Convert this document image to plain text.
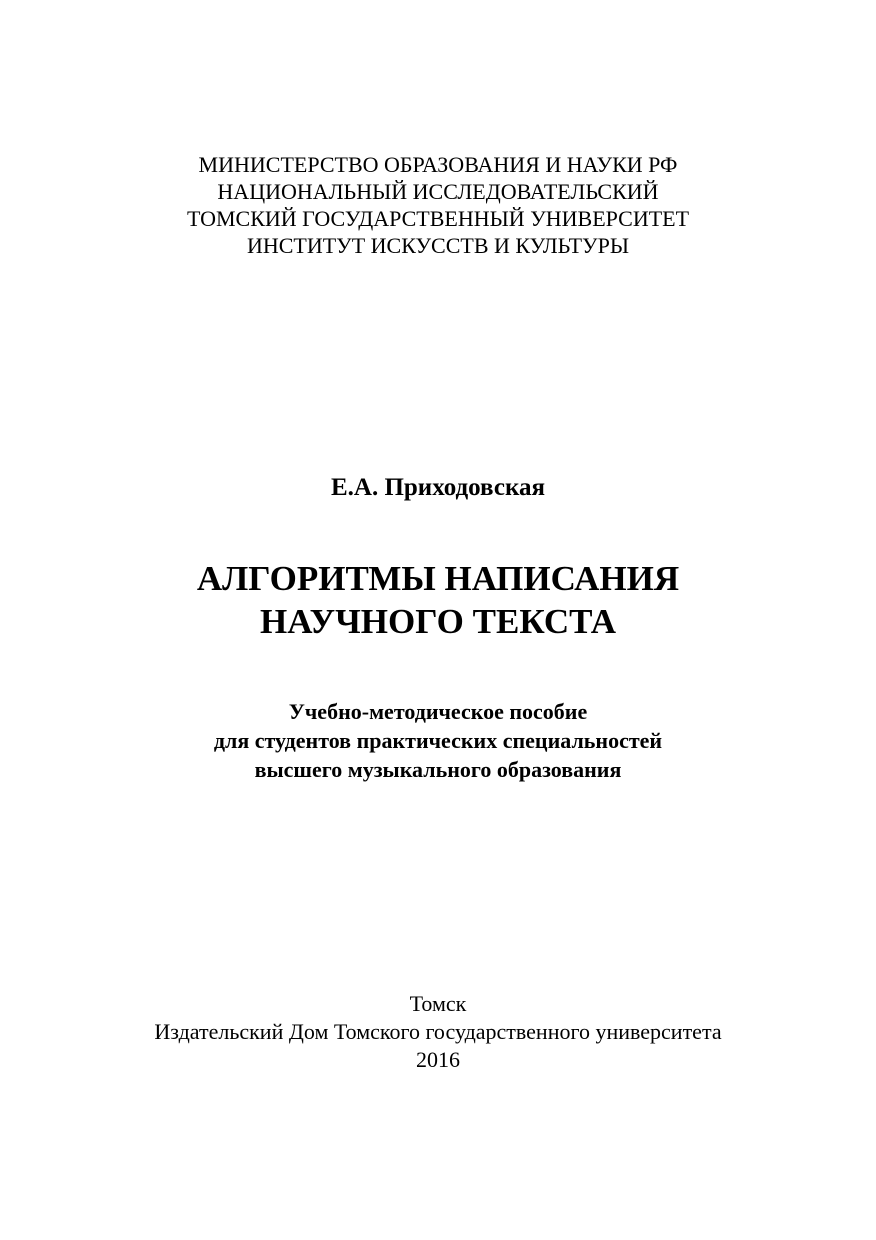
МИНИСТЕРСТВО ОБРАЗОВАНИЯ И НАУКИ РФ
НАЦИОНАЛЬНЫЙ ИССЛЕДОВАТЕЛЬСКИЙ
ТОМСКИЙ ГОСУДАРСТВЕННЫЙ УНИВЕРСИТЕТ
ИНСТИТУТ ИСКУССТВ И КУЛЬТУРЫ
Е.А. Приходовская
АЛГОРИТМЫ НАПИСАНИЯ
НАУЧНОГО ТЕКСТА
Учебно-методическое пособие
для студентов практических специальностей
высшего музыкального образования
Томск
Издательский Дом Томского государственного университета
2016
